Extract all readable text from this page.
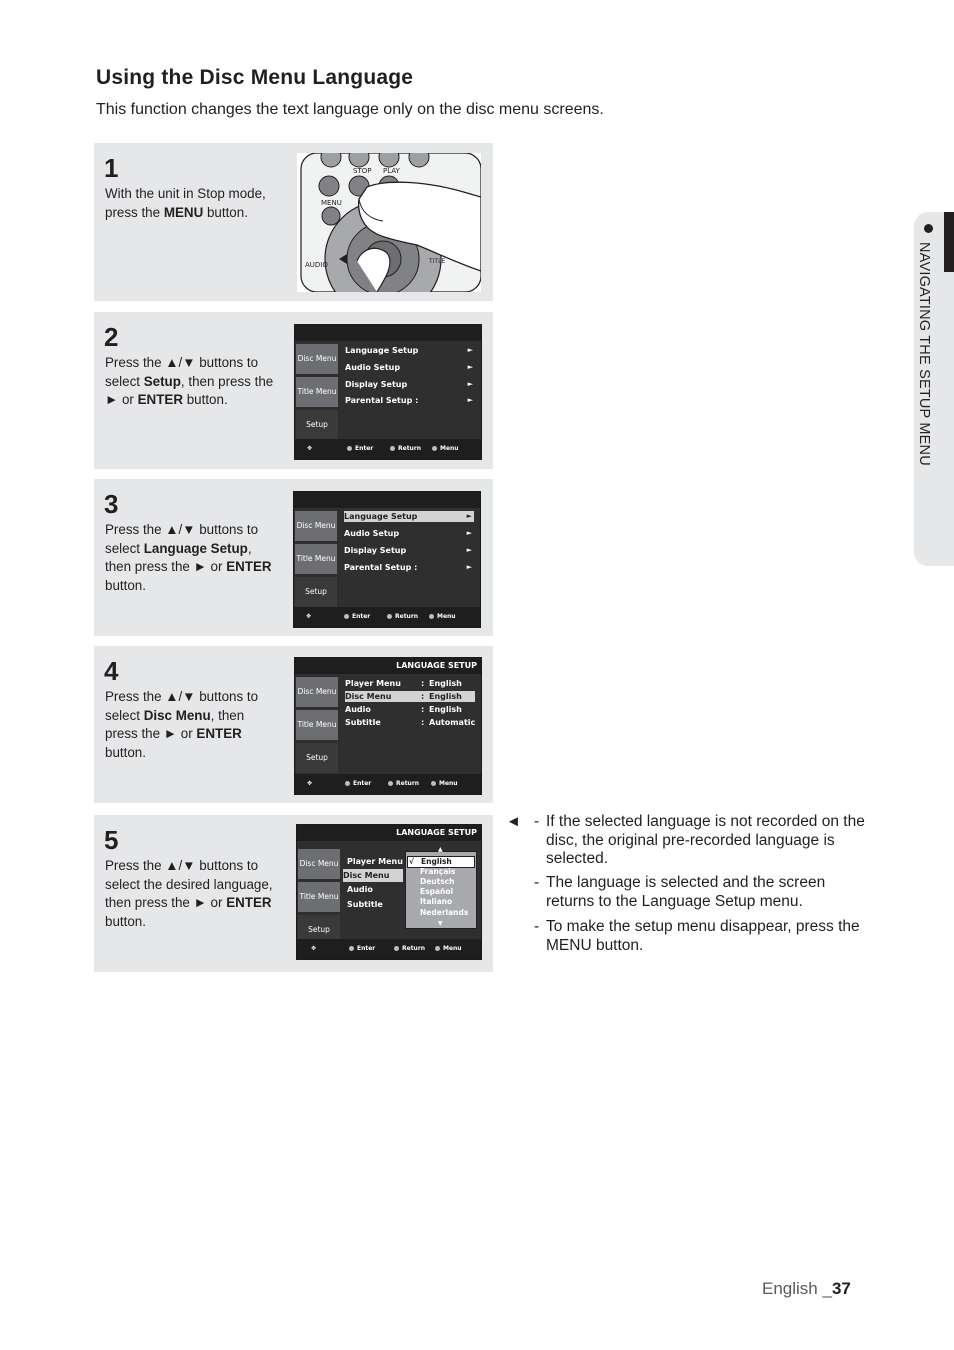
Using the Disc Menu Language

This function changes the text language only on the disc menu screens.

1
With the unit in Stop mode, press the MENU button.
STOP PLAY
MENU
AUDIO	TITLE
2
Press the ▲/▼ buttons to select Setup, then press the ► or ENTER button.
Disc Menu
Title Menu
Setup
Language Setup	►
Audio Setup	►
Display Setup	►
Parental Setup :	►
✥	Enter	Return	Menu
3
Press the ▲/▼ buttons to select Language Setup, then press the ► or ENTER button.
Disc Menu
Title Menu
Setup
Language Setup	►
Audio Setup	►
Display Setup	►
Parental Setup :	►
✥	Enter	Return	Menu
4
Press the ▲/▼ buttons to select Disc Menu, then press the ► or ENTER button.
LANGUAGE SETUP
Disc Menu
Title Menu
Setup
Player Menu	: English
Disc Menu	: English
Audio	: English
Subtitle	: Automatic
✥	Enter	Return	Menu
5
Press the ▲/▼ buttons to select the desired language, then press the ► or ENTER button.
LANGUAGE SETUP
Disc Menu
Title Menu
Setup
Player Menu
Disc Menu
Audio
Subtitle
▲
√ English
Français
Deutsch
Español
Italiano
Nederlands
▼
✥	Enter	Return	Menu
◄ - If the selected language is not recorded on the disc, the original pre-recorded language is selected.
- The language is selected and the screen returns to the Language Setup menu.
- To make the setup menu disappear, press the MENU button.
NAVIGATING THE SETUP MENU
English _37
